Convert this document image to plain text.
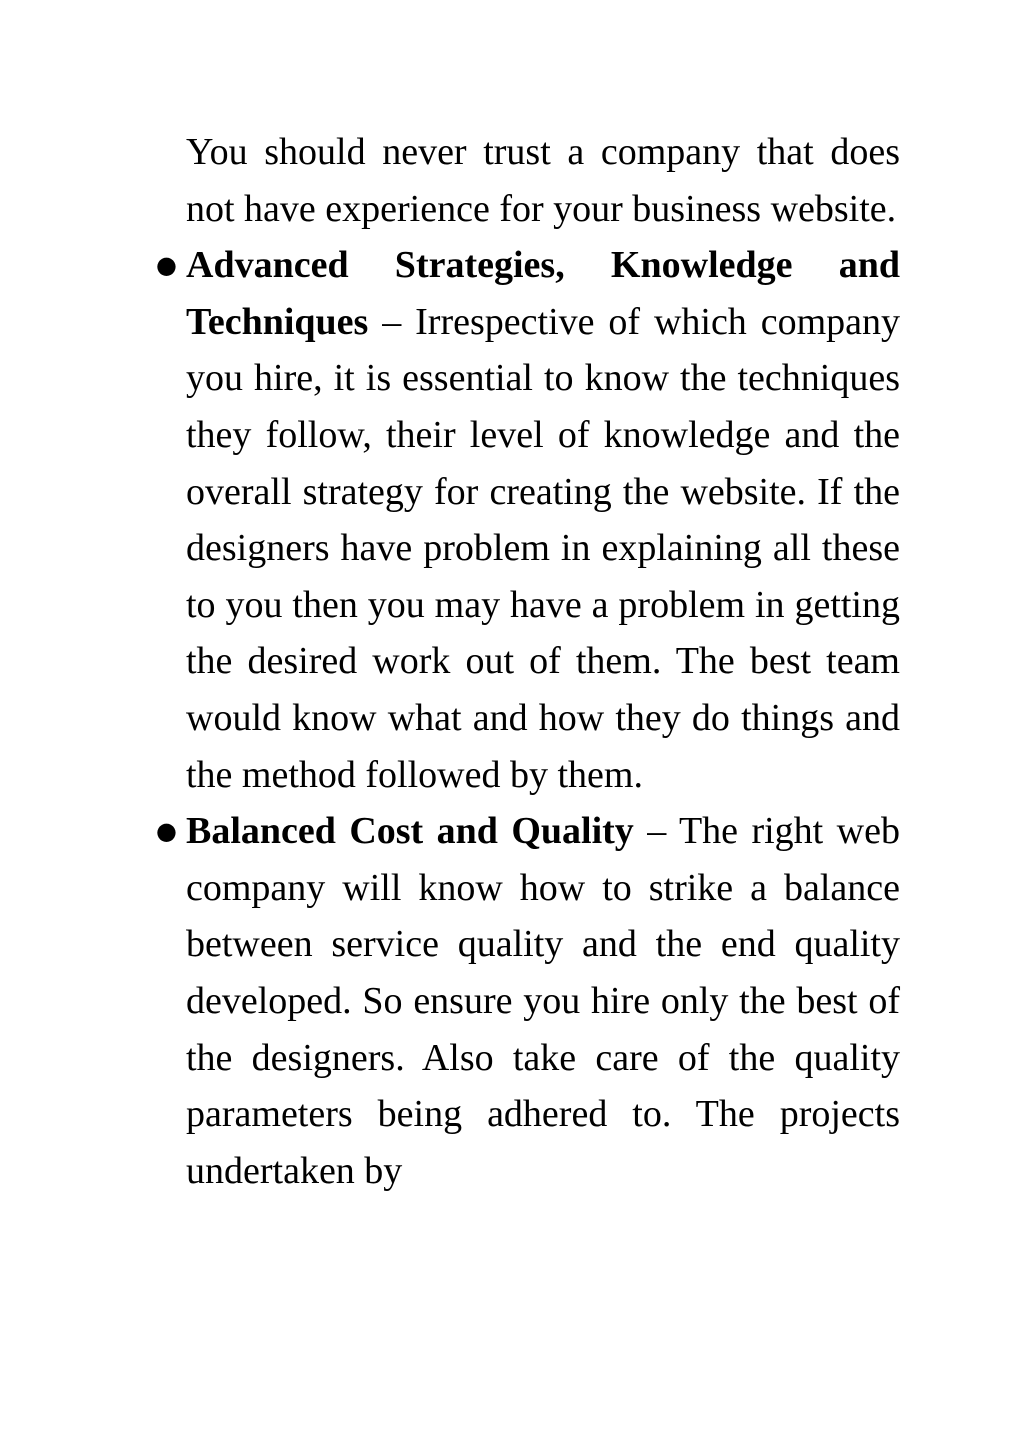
You should never trust a company that does not have experience for your business website.

● Advanced Strategies, Knowledge and Techniques – Irrespective of which company you hire, it is essential to know the techniques they follow, their level of knowledge and the overall strategy for creating the website. If the designers have problem in explaining all these to you then you may have a problem in getting the desired work out of them. The best team would know what and how they do things and the method followed by them.
● Balanced Cost and Quality – The right web company will know how to strike a balance between service quality and the end quality developed. So ensure you hire only the best of the designers. Also take care of the quality parameters being adhered to. The projects undertaken by
